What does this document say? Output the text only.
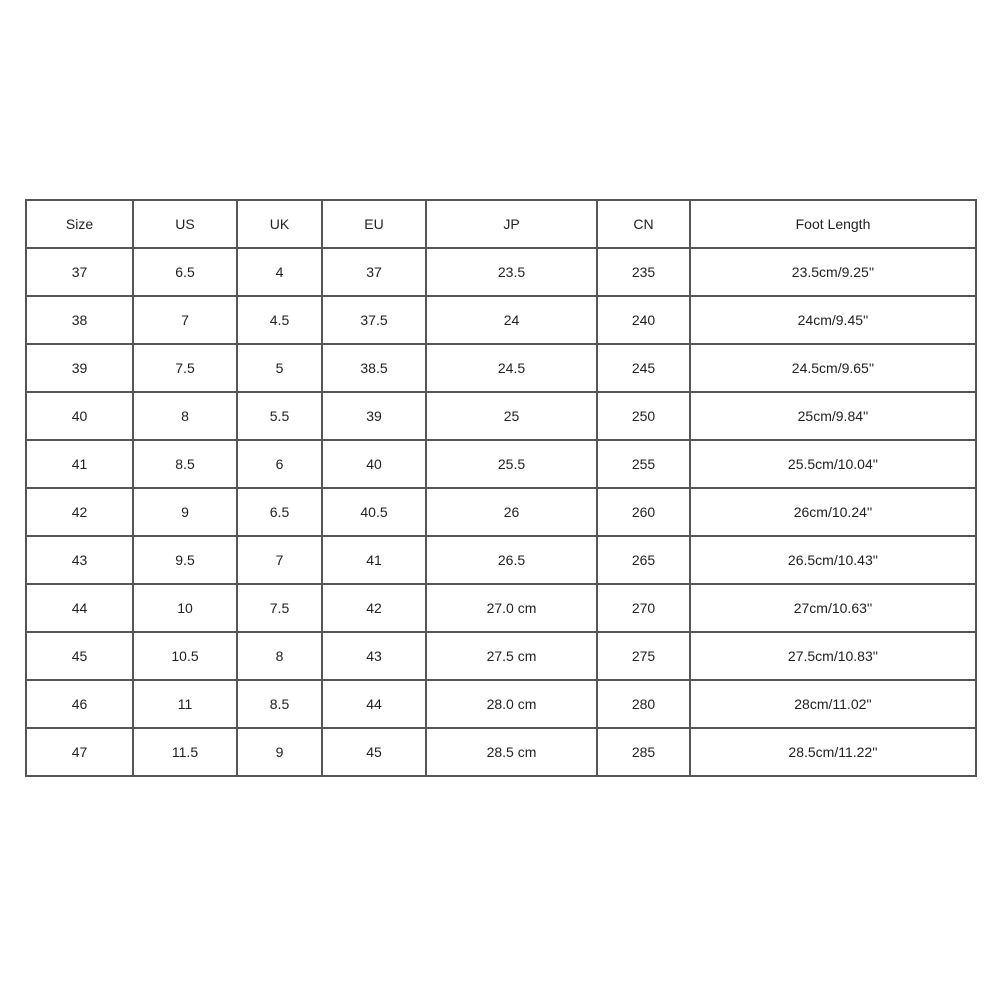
Size	US	UK	EU	JP	CN	Foot Length
37	6.5	4	37	23.5	235	23.5cm/9.25''
38	7	4.5	37.5	24	240	24cm/9.45''
39	7.5	5	38.5	24.5	245	24.5cm/9.65''
40	8	5.5	39	25	250	25cm/9.84''
41	8.5	6	40	25.5	255	25.5cm/10.04''
42	9	6.5	40.5	26	260	26cm/10.24''
43	9.5	7	41	26.5	265	26.5cm/10.43''
44	10	7.5	42	27.0 cm	270	27cm/10.63''
45	10.5	8	43	27.5 cm	275	27.5cm/10.83''
46	11	8.5	44	28.0 cm	280	28cm/11.02''
47	11.5	9	45	28.5 cm	285	28.5cm/11.22''
